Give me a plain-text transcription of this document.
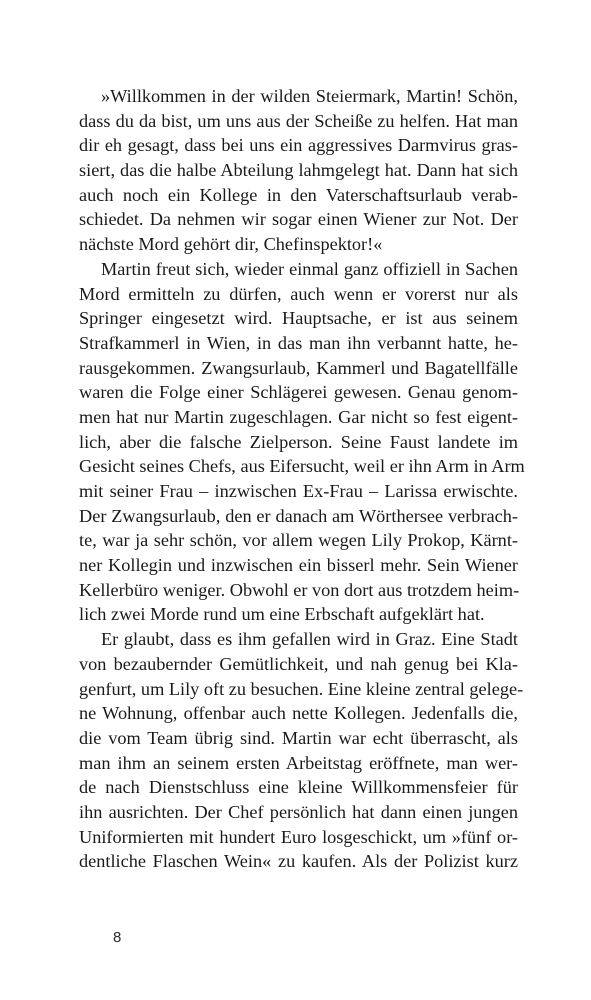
»Willkommen in der wilden Steiermark, Martin! Schön,
dass du da bist, um uns aus der Scheiße zu helfen. Hat man
dir eh gesagt, dass bei uns ein aggressives Darmvirus gras-
siert, das die halbe Abteilung lahmgelegt hat. Dann hat sich
auch noch ein Kollege in den Vaterschaftsurlaub verab-
schiedet. Da nehmen wir sogar einen Wiener zur Not. Der
nächste Mord gehört dir, Chefinspektor!«
Martin freut sich, wieder einmal ganz offiziell in Sachen
Mord ermitteln zu dürfen, auch wenn er vorerst nur als
Springer eingesetzt wird. Hauptsache, er ist aus seinem
Strafkammerl in Wien, in das man ihn verbannt hatte, he-
rausgekommen. Zwangsurlaub, Kammerl und Bagatellfälle
waren die Folge einer Schlägerei gewesen. Genau genom-
men hat nur Martin zugeschlagen. Gar nicht so fest eigent-
lich, aber die falsche Zielperson. Seine Faust landete im
Gesicht seines Chefs, aus Eifersucht, weil er ihn Arm in Arm
mit seiner Frau – inzwischen Ex-Frau – Larissa erwischte.
Der Zwangsurlaub, den er danach am Wörthersee verbrach-
te, war ja sehr schön, vor allem wegen Lily Prokop, Kärnt-
ner Kollegin und inzwischen ein bisserl mehr. Sein Wiener
Kellerbüro weniger. Obwohl er von dort aus trotzdem heim-
lich zwei Morde rund um eine Erbschaft aufgeklärt hat.
Er glaubt, dass es ihm gefallen wird in Graz. Eine Stadt
von bezaubernder Gemütlichkeit, und nah genug bei Kla-
genfurt, um Lily oft zu besuchen. Eine kleine zentral gelege-
ne Wohnung, offenbar auch nette Kollegen. Jedenfalls die,
die vom Team übrig sind. Martin war echt überrascht, als
man ihm an seinem ersten Arbeitstag eröffnete, man wer-
de nach Dienstschluss eine kleine Willkommensfeier für
ihn ausrichten. Der Chef persönlich hat dann einen jungen
Uniformierten mit hundert Euro losgeschickt, um »fünf or-
dentliche Flaschen Wein« zu kaufen. Als der Polizist kurz
8
